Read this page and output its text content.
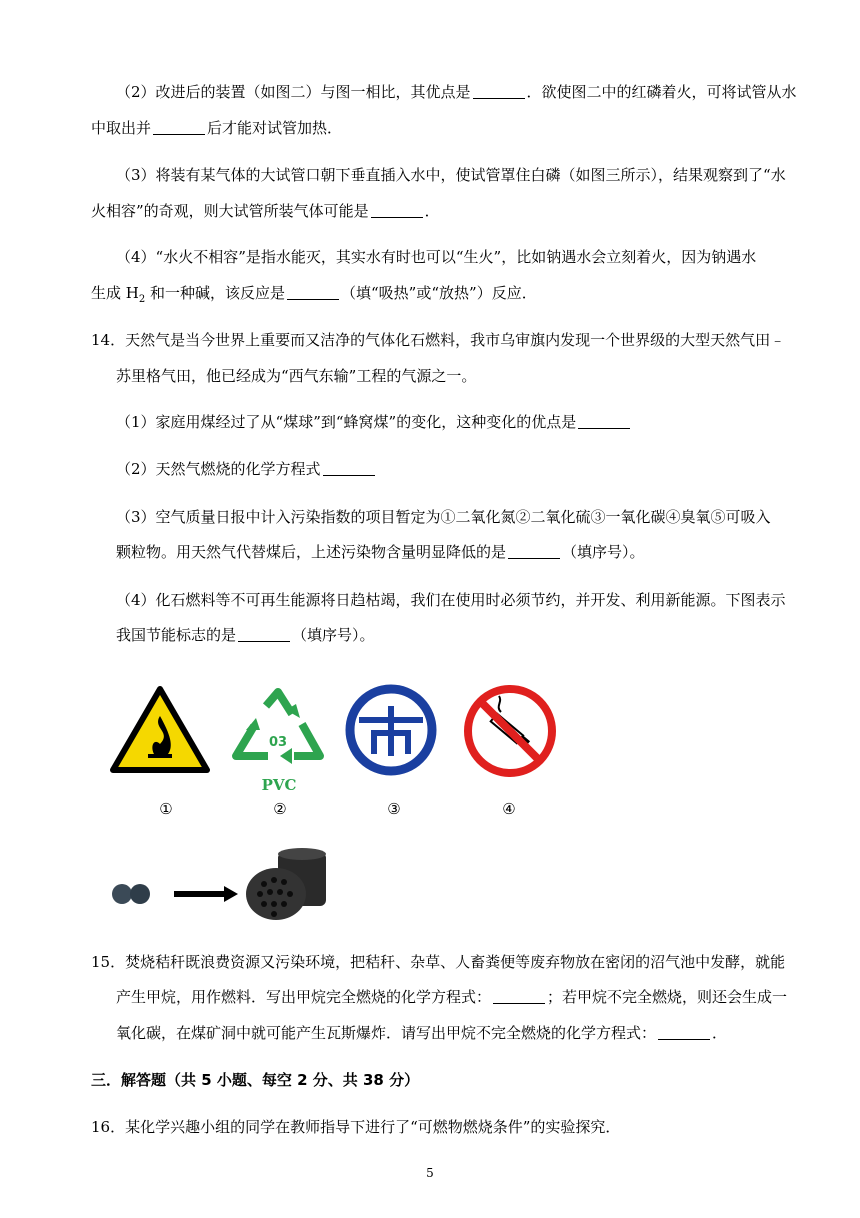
（2）改进后的装置（如图二）与图一相比，其优点是	．欲使图二中的红磷着火，可将试管从水
中取出并	后才能对试管加热．
（3）将装有某气体的大试管口朝下垂直插入水中，使试管罩住白磷（如图三所示），结果观察到了“水
火相容”的奇观，则大试管所装气体可能是	．
（4）“水火不相容”是指水能灭，其实水有时也可以“生火”，比如钠遇水会立刻着火，因为钠遇水
生成 $H_2$ 和一种碱，该反应是	（填“吸热”或“放热”）反应．
14．天然气是当今世界上重要而又洁净的气体化石燃料，我市乌审旗内发现一个世界级的大型天然气田﹣
苏里格气田，他已经成为“西气东输”工程的气源之一。
（1）家庭用煤经过了从“煤球”到“蜂窝煤”的变化，这种变化的优点是
（2）天然气燃烧的化学方程式
（3）空气质量日报中计入污染指数的项目暂定为①二氧化氮②二氧化硫③一氧化碳④臭氧⑤可吸入
颗粒物。用天然气代替煤后，上述污染物含量明显降低的是	（填序号）。
（4）化石燃料等不可再生能源将日趋枯竭，我们在使用时必须节约，并开发、利用新能源。下图表示
我国节能标志的是	（填序号）。
03
PVC
①	②	③	④
15．焚烧秸秆既浪费资源又污染环境，把秸秆、杂草、人畜粪便等废弃物放在密闭的沼气池中发酵，就能
产生甲烷，用作燃料．写出甲烷完全燃烧的化学方程式：	；若甲烷不完全燃烧，则还会生成一
氧化碳，在煤矿洞中就可能产生瓦斯爆炸．请写出甲烷不完全燃烧的化学方程式：	．
三．解答题（共 5 小题、每空 2 分、共 38 分）
16．某化学兴趣小组的同学在教师指导下进行了“可燃物燃烧条件”的实验探究．
5
